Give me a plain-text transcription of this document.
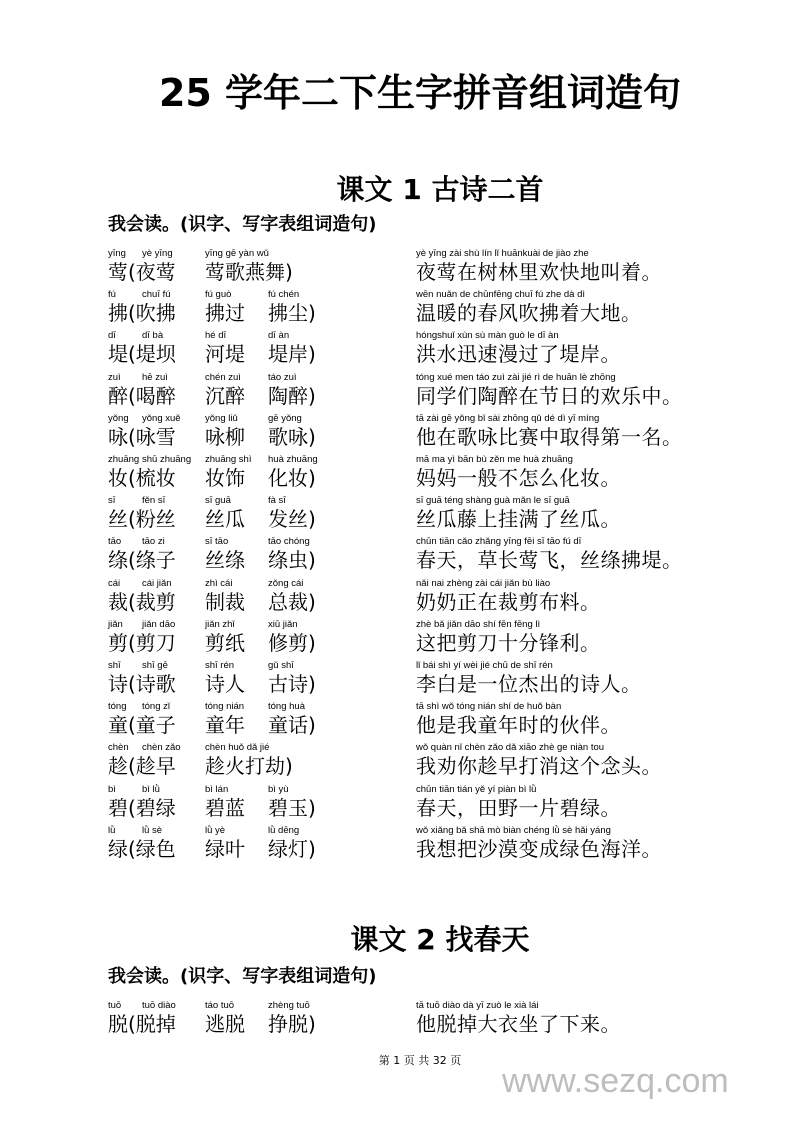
25 学年二下生字拼音组词造句
课文 1 古诗二首
我会读。(识字、写字表组词造句)
yīng
莺
yè yīng
(夜莺
yīng gē yàn wǔ
莺歌燕舞)
yè yīng zài shù lín lǐ huānkuài de jiào zhe
夜莺在树林里欢快地叫着。
fú
拂
chuī fú
(吹拂
fú guò
拂过
fú chén
拂尘)
wēn nuǎn de chūnfēng chuī fú zhe dà dì
温暖的春风吹拂着大地。
dī
堤
dī bà
(堤坝
hé dī
河堤
dī àn
堤岸)
hóngshuǐ xùn sù màn guò le dī àn
洪水迅速漫过了堤岸。
zuì
醉
hē zuì
(喝醉
chén zuì
沉醉
táo zuì
陶醉)
tóng xué men táo zuì zài jié rì de huān lè zhōng
同学们陶醉在节日的欢乐中。
yǒng
咏
yǒng xuě
(咏雪
yǒng liǔ
咏柳
gē yǒng
歌咏)
tā zài gē yǒng bǐ sài zhōng qǔ dé dì yī míng
他在歌咏比赛中取得第一名。
zhuāng
妆
shū zhuāng
(梳妆
zhuāng shì
妆饰
huà zhuāng
化妆)
mā ma yì bān bù zěn me huà zhuāng
妈妈一般不怎么化妆。
sī
丝
fěn sī
(粉丝
sī guā
丝瓜
fà sī
发丝)
sī guā téng shàng guà mǎn le sī guā
丝瓜藤上挂满了丝瓜。
tāo
绦
tāo zi
(绦子
sī tāo
丝绦
tāo chóng
绦虫)
chūn tiān cǎo zhǎng yīng fēi sī tāo fú dī
春天，草长莺飞，丝绦拂堤。
cái
裁
cái jiǎn
(裁剪
zhì cái
制裁
zǒng cái
总裁)
nǎi nai zhèng zài cái jiǎn bù liào
奶奶正在裁剪布料。
jiǎn
剪
jiǎn dāo
(剪刀
jiǎn zhǐ
剪纸
xiū jiǎn
修剪)
zhè bǎ jiǎn dāo shí fēn fēng lì
这把剪刀十分锋利。
shī
诗
shī gē
(诗歌
shī rén
诗人
gǔ shī
古诗)
lǐ bái shì yí wèi jié chū de shī rén
李白是一位杰出的诗人。
tóng
童
tóng zǐ
(童子
tóng nián
童年
tóng huà
童话)
tā shì wǒ tóng nián shí de huǒ bàn
他是我童年时的伙伴。
chèn
趁
chèn zǎo
(趁早
chèn huǒ dǎ jié
趁火打劫)
wǒ quàn nǐ chèn zǎo dǎ xiāo zhè ge niàn tou
我劝你趁早打消这个念头。
bì
碧
bì lǜ
(碧绿
bì lán
碧蓝
bì yù
碧玉)
chūn tiān tián yě yí piàn bì lǜ
春天，田野一片碧绿。
lǜ
绿
lǜ sè
(绿色
lǜ yè
绿叶
lǜ dēng
绿灯)
wǒ xiǎng bǎ shā mò biàn chéng lǜ sè hǎi yáng
我想把沙漠变成绿色海洋。
课文 2 找春天
我会读。(识字、写字表组词造句)
tuō
脱
tuō diào
(脱掉
táo tuō
逃脱
zhèng tuō
挣脱)
tā tuō diào dà yī zuò le xià lái
他脱掉大衣坐了下来。
第 1 页 共 32 页
www.sezq.com
